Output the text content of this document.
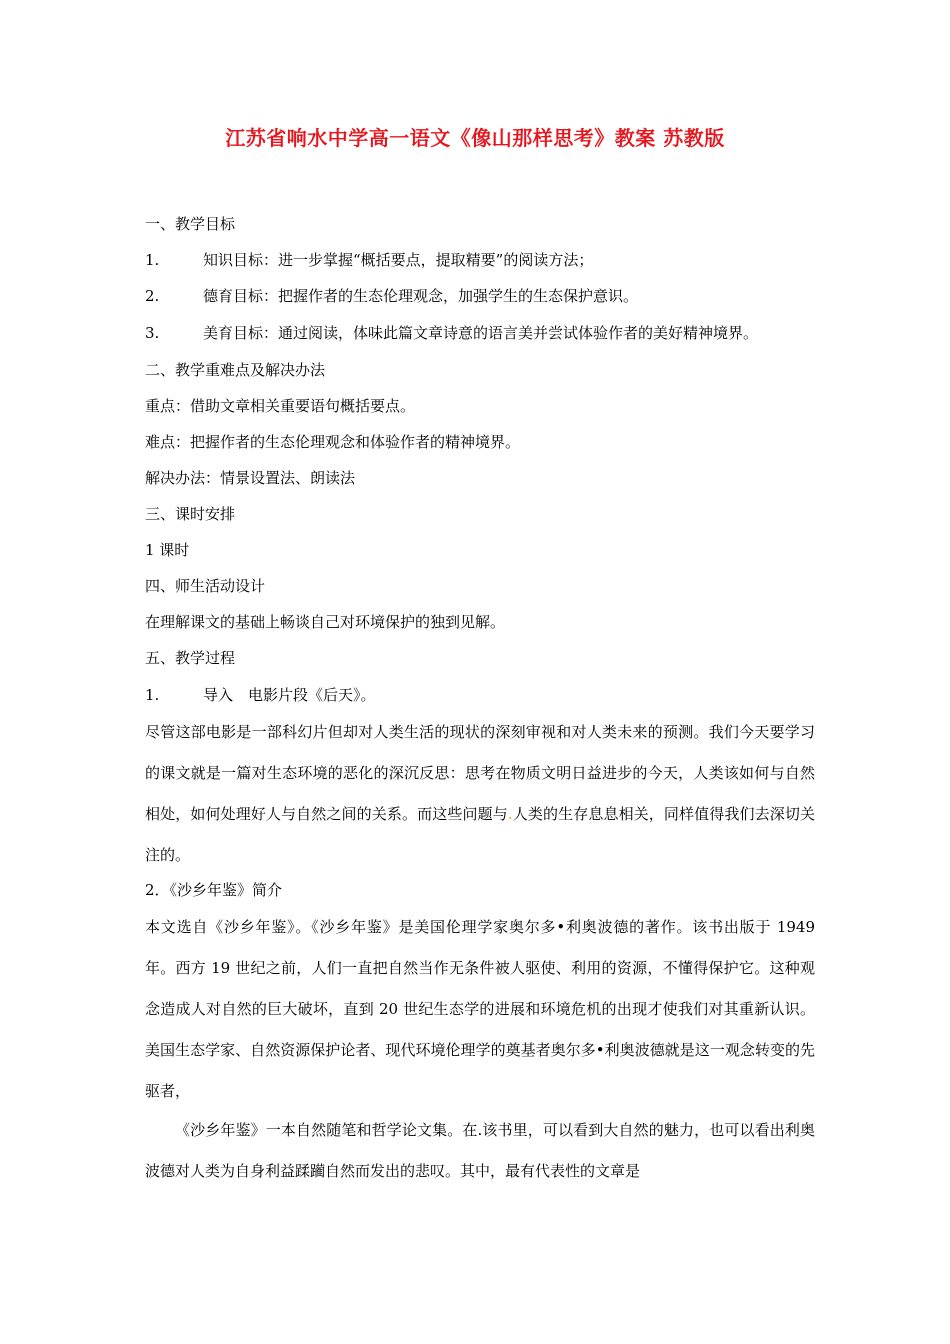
江苏省响水中学高一语文《像山那样思考》教案 苏教版
一、教学目标
1.	知识目标：进一步掌握“概括要点，提取精要”的阅读方法；
2.	德育目标：把握作者的生态伦理观念，加强学生的生态保护意识。
3.	美育目标：通过阅读，体味此篇文章诗意的语言美并尝试体验作者的美好精神境界。
二、教学重难点及解决办法
重点：借助文章相关重要语句概括要点。
难点：把握作者的生态伦理观念和体验作者的精神境界。
解决办法：情景设置法、朗读法
三、课时安排
1 课时
四、师生活动设计
在理解课文的基础上畅谈自己对环境保护的独到见解。
五、教学过程
1.	导入　电影片段《后天》。
尽管这部电影是一部科幻片但却对人类生活的现状的深刻审视和对人类未来的预测。我们今天要学习的课文就是一篇对生态环境的恶化的深沉反思：思考在物质文明日益进步的今天，人类该如何与自然相处，如何处理好人与自然之间的关系。而这些问题与.人类的生存息息相关，同样值得我们去深切关注的。
2．《沙乡年鉴》简介
本文选自《沙乡年鉴》。《沙乡年鉴》是美国伦理学家奥尔多•利奥波德的著作。该书出版于 1949 年。西方 19 世纪之前，人们一直把自然当作无条件被人驱使、利用的资源，不懂得保护它。这种观念造成人对自然的巨大破坏，直到 20 世纪生态学的进展和环境危机的出现才使我们对其重新认识。美国生态学家、自然资源保护论者、现代环境伦理学的奠基者奥尔多•利奥波德就是这一观念转变的先驱者，
《沙乡年鉴》一本自然随笔和哲学论文集。在.该书里，可以看到大自然的魅力，也可以看出利奥波德对人类为自身利益蹂躏自然而发出的悲叹。其中，最有代表性的文章是
